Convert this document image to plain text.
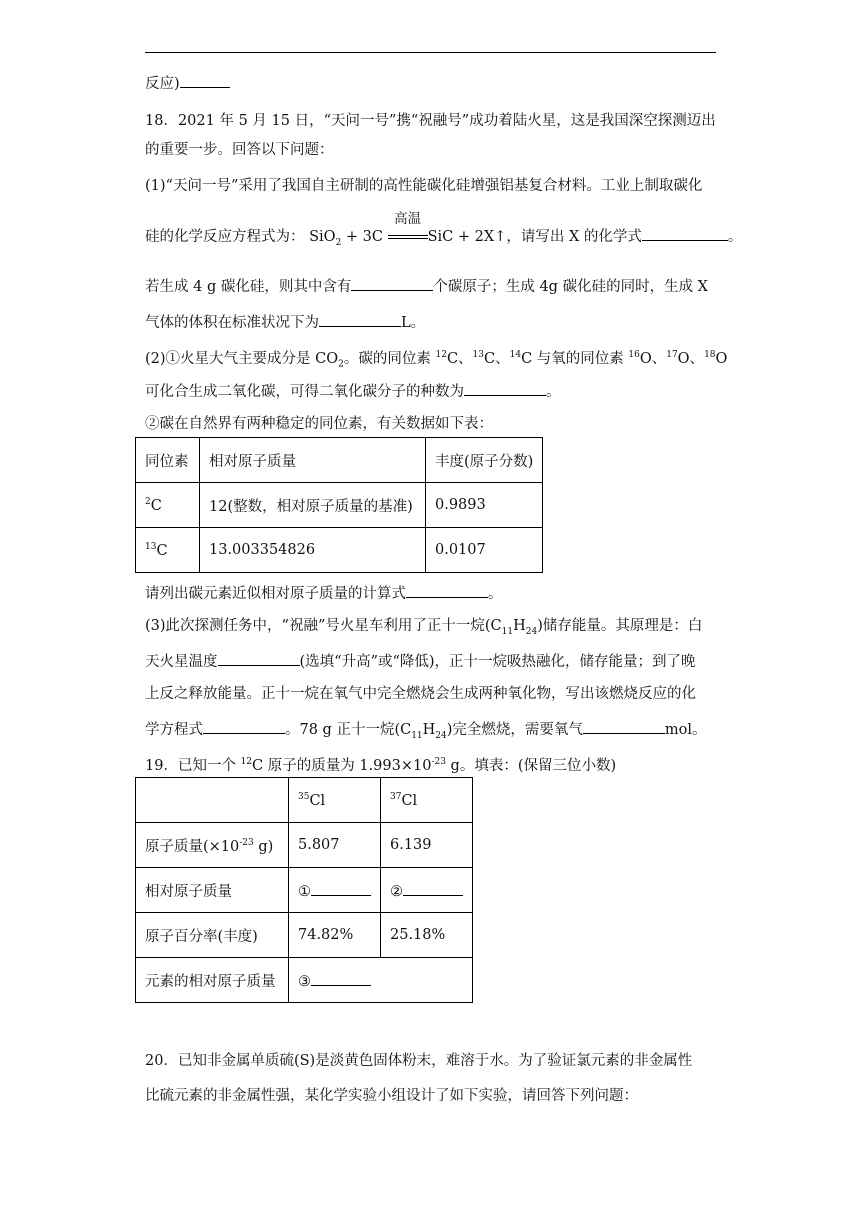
反应)
18．2021 年 5 月 15 日，“天问一号”携“祝融号”成功着陆火星，这是我国深空探测迈出
的重要一步。回答以下问题：
(1)“天问一号”采用了我国自主研制的高性能碳化硅增强铝基复合材料。工业上制取碳化
硅的化学反应方程式为： SiO$_2$ + 3C
高温
SiC + 2X↑，请写出 X 的化学式	。
若生成 4 g 碳化硅，则其中含有	个碳原子；生成 4g 碳化硅的同时，生成 X
气体的体积在标准状况下为	L。
(2)①火星大气主要成分是 $CO_2$。碳的同位素 $^{12}$C、$^{13}$C、$^{14}$C 与氧的同位素 $^{16}$O、$^{17}$O、$^{18}$O
可化合生成二氧化碳，可得二氧化碳分子的种数为	。
②碳在自然界有两种稳定的同位素，有关数据如下表：
同位素	相对原子质量	丰度(原子分数)
$^2$C	12(整数，相对原子质量的基准)	0.9893
$^{13}$C	13.003354826	0.0107
请列出碳元素近似相对原子质量的计算式	。
(3)此次探测任务中，“祝融”号火星车利用了正十一烷$(C_{11}H_{24})$储存能量。其原理是：白
天火星温度	(选填“升高”或“降低)，正十一烷吸热融化，储存能量；到了晚
上反之释放能量。正十一烷在氧气中完全燃烧会生成两种氧化物，写出该燃烧反应的化
学方程式	。78 g 正十一烷$(C_{11}H_{24})$完全燃烧，需要氧气	mol。
19．已知一个 $^{12}$C 原子的质量为 $1.993\times 10^{-23}$ g。填表：(保留三位小数)
	$^{35}$Cl	$^{37}$Cl
原子质量($\times 10^{-23}$ g)	5.807	6.139
相对原子质量	①	②
原子百分率(丰度)	74.82%	25.18%
元素的相对原子质量	③	
20．已知非金属单质硫(S)是淡黄色固体粉末，难溶于水。为了验证氯元素的非金属性
比硫元素的非金属性强，某化学实验小组设计了如下实验，请回答下列问题：
